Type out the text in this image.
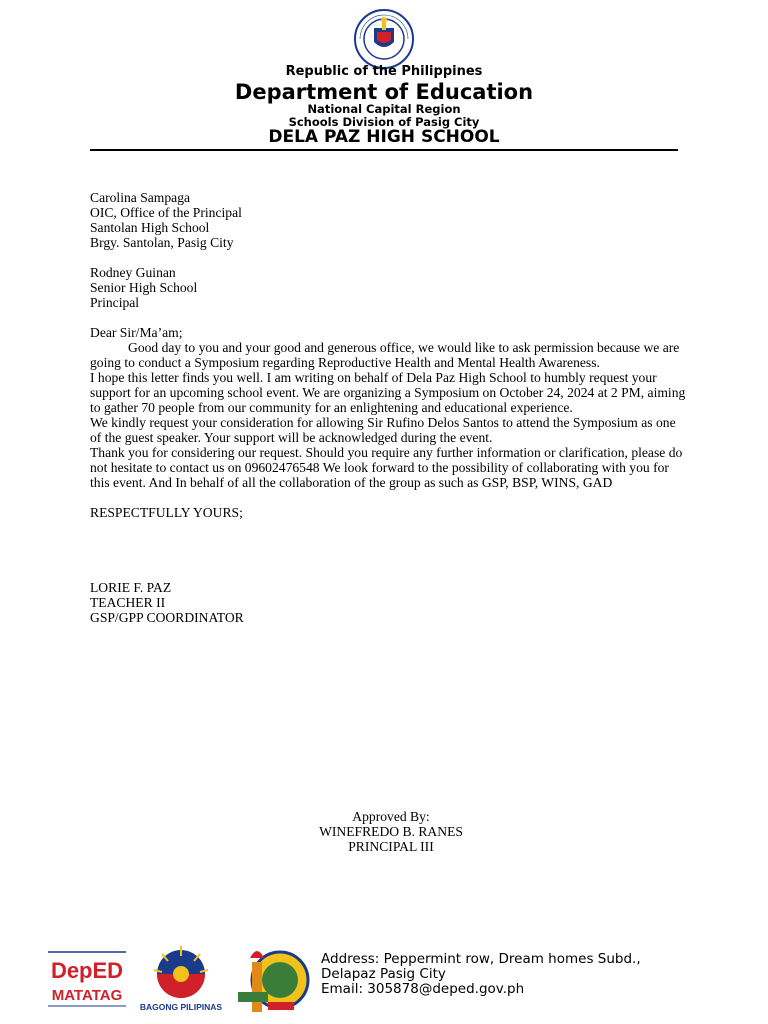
Republic of the Philippines
Department of Education
National Capital Region
Schools Division of Pasig City
DELA PAZ HIGH SCHOOL

Carolina Sampaga

OIC, Office of the Principal

Santolan High School

Brgy. Santolan, Pasig City

Rodney Guinan

Senior High School

Principal

Dear Sir/Ma’am;

Good day to you and your good and generous office, we would like to ask permission because we are going to conduct a Symposium regarding Reproductive Health and Mental Health Awareness.

I hope this letter finds you well. I am writing on behalf of Dela Paz High School to humbly request your support for an upcoming school event. We are organizing a Symposium on October 24, 2024 at 2 PM, aiming to gather 70 people from our community for an enlightening and educational experience.

We kindly request your consideration for allowing Sir Rufino Delos Santos to attend the Symposium as one of the guest speaker. Your support will be acknowledged during the event.

Thank you for considering our request. Should you require any further information or clarification, please do not hesitate to contact us on 09602476548 We look forward to the possibility of collaborating with you for this event. And In behalf of all the collaboration of the group as such as GSP, BSP, WINS, GAD

RESPECTFULLY YOURS;

LORIE F. PAZ

TEACHER II

GSP/GPP COORDINATOR

Approved By:
WINEFREDO B. RANES
PRINCIPAL III
DepED
MATATAG
BAGONG PILIPINAS
Address: Peppermint row, Dream homes Subd.,
Delapaz Pasig City
Email: 305878@deped.gov.ph
